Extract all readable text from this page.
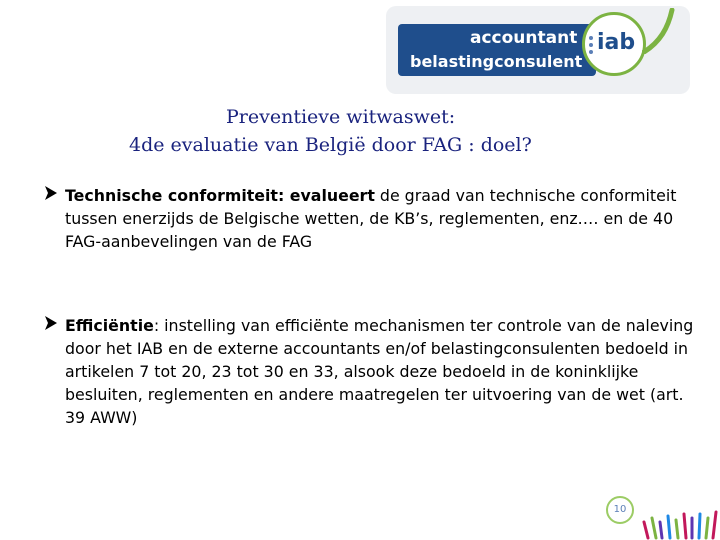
accountant
belastingconsulent
iab
Preventieve witwaswet:
4de evaluatie van België door FAG : doel?
Technische conformiteit: evalueert de graad van technische conformiteit tussen enerzijds de Belgische wetten, de KB’s, reglementen, enz.… en de 40 FAG-aanbevelingen van de FAG
Efficiëntie: instelling van efficiënte mechanismen ter controle van de naleving door het IAB en de externe accountants en/of belastingconsulenten bedoeld in artikelen 7 tot 20, 23 tot 30 en 33, alsook deze bedoeld in de koninklijke besluiten, reglementen en andere maatregelen ter uitvoering van de wet (art. 39 AWW)
10
